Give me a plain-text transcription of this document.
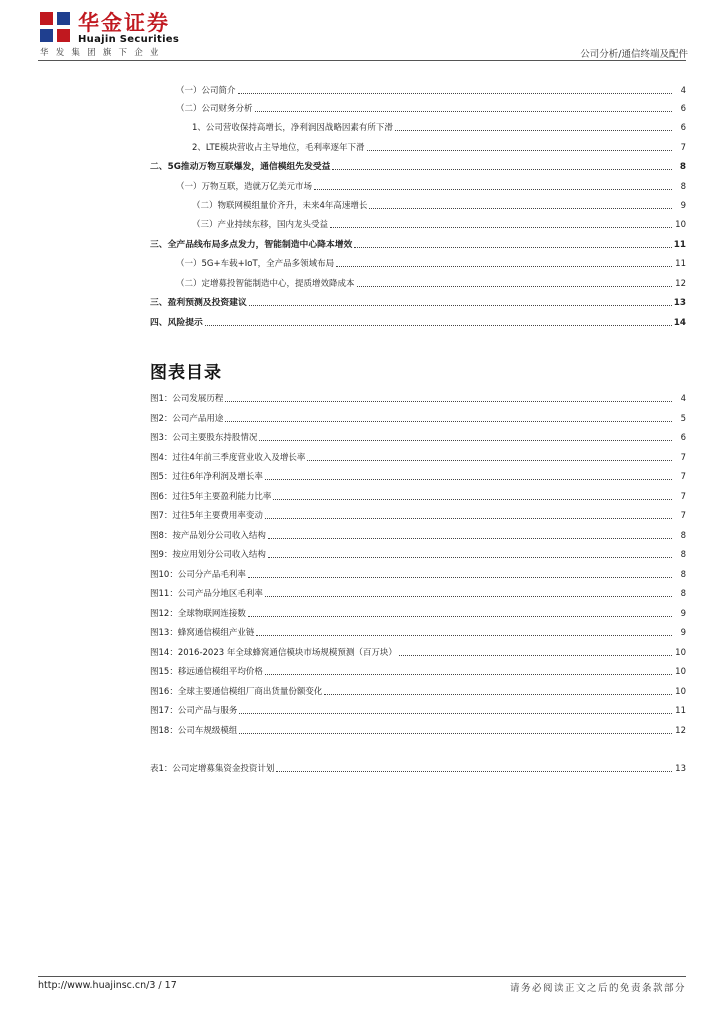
华金证券
Huajin Securities
华发集团旗下企业	公司分析/通信终端及配件
（一）公司简介	4
（二）公司财务分析	6
1、公司营收保持高增长，净利润因战略因素有所下滑	6
2、LTE模块营收占主导地位，毛利率逐年下滑	7
二、5G推动万物互联爆发，通信模组先发受益	8
（一）万物互联，造就万亿美元市场	8
（二）物联网模组量价齐升，未来4年高速增长	9
（三）产业持续东移，国内龙头受益	10
三、全产品线布局多点发力，智能制造中心降本增效	11
（一）5G+车载+IoT，全产品多领域布局	11
（二）定增募投智能制造中心，提质增效降成本	12
三、盈利预测及投资建议	13
四、风险提示	14
图表目录
图1：公司发展历程	4
图2：公司产品用途	5
图3：公司主要股东持股情况	6
图4：过往4年前三季度营业收入及增长率	7
图5：过往6年净利润及增长率	7
图6：过往5年主要盈利能力比率	7
图7：过往5年主要费用率变动	7
图8：按产品划分公司收入结构	8
图9：按应用划分公司收入结构	8
图10：公司分产品毛利率	8
图11：公司产品分地区毛利率	8
图12：全球物联网连接数	9
图13：蜂窝通信模组产业链	9
图14：2016-2023 年全球蜂窝通信模块市场规模预测（百万块）	10
图15：移远通信模组平均价格	10
图16：全球主要通信模组厂商出货量份额变化	10
图17：公司产品与服务	11
图18：公司车规级模组	12
表1：公司定增募集资金投资计划	13
http://www.huajinsc.cn/3 / 17	请务必阅读正文之后的免责条款部分
